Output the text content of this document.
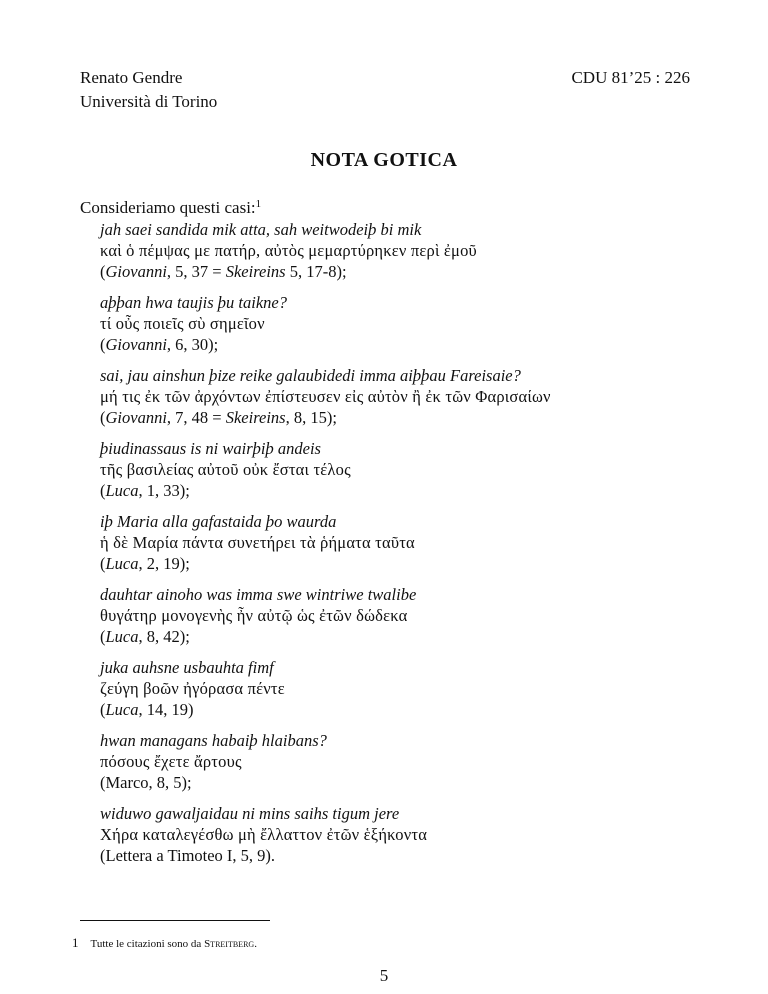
Renato Gendre
Università di Torino
CDU 81’25 : 226
NOTA GOTICA
Consideriamo questi casi:$^1$
jah saei sandida mik atta, sah weitwodeiþ bi mik
καὶ ὁ πέμψας με πατήρ, αὐτὸς μεμαρτύρηκεν περὶ ἐμοῦ
(Giovanni, 5, 37 = Skeireins 5, 17-8);
aþþan hwa taujis þu taikne?
τί οὖς ποιεῖς σὺ σημεῖον
(Giovanni, 6, 30);
sai, jau ainshun þize reike galaubidedi imma aiþþau Fareisaie?
μή τις ἐκ τῶν ἀρχόντων ἐπίστευσεν εἰς αὐτὸν ἢ ἐκ τῶν Φαρισαίων
(Giovanni, 7, 48 = Skeireins, 8, 15);
þiudinassaus is ni wairþiþ andeis
τῆς βασιλείας αὐτοῦ οὐκ ἔσται τέλος
(Luca, 1, 33);
iþ Maria alla gafastaida þo waurda
ἡ δὲ Μαρία πάντα συνετήρει τὰ ῥήματα ταῦτα
(Luca, 2, 19);
dauhtar ainoho was imma swe wintriwe twalibe
θυγάτηρ μονογενὴς ἦν αὐτῷ ὡς ἐτῶν δώδεκα
(Luca, 8, 42);
juka auhsne usbauhta fimf
ζεύγη βοῶν ἠγόρασα πέντε
(Luca, 14, 19)
hwan managans habaiþ hlaibans?
πόσους ἔχετε ἄρτους
(Marco, 8, 5);
widuwo gawaljaidau ni mins saihs tigum jere
Χήρα καταλεγέσθω μὴ ἔλλαττον ἐτῶν ἑξήκοντα
(Lettera a Timoteo I, 5, 9).
1 Tutte le citazioni sono da Streitberg.
5
